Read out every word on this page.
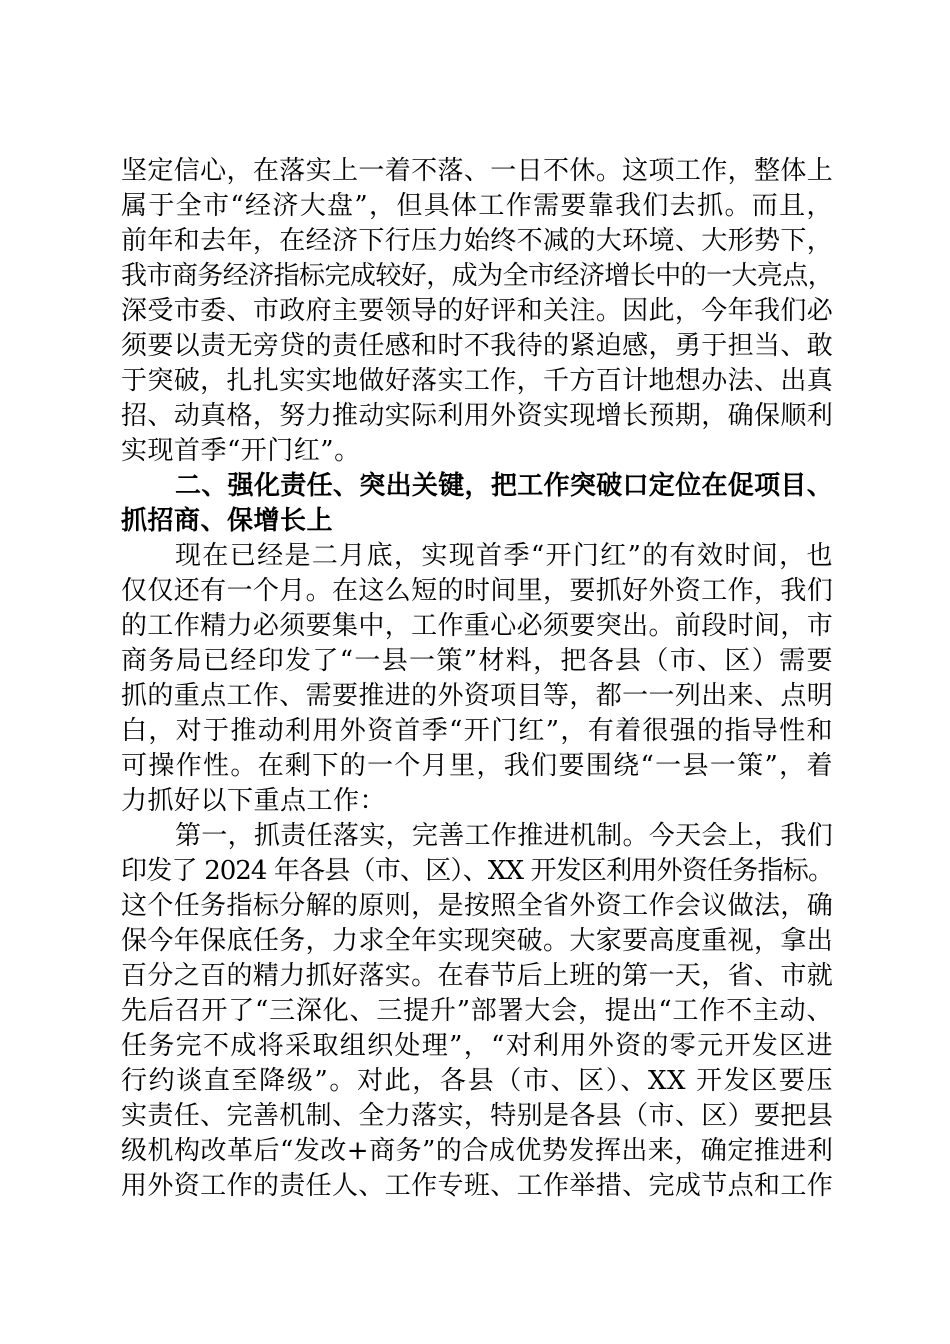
坚定信心，在落实上一着不落、一日不休。这项工作，整体上
属于全市“经济大盘”，但具体工作需要靠我们去抓。而且，
前年和去年，在经济下行压力始终不减的大环境、大形势下，
我市商务经济指标完成较好，成为全市经济增长中的一大亮点，
深受市委、市政府主要领导的好评和关注。因此，今年我们必
须要以责无旁贷的责任感和时不我待的紧迫感，勇于担当、敢
于突破，扎扎实实地做好落实工作，千方百计地想办法、出真
招、动真格，努力推动实际利用外资实现增长预期，确保顺利
实现首季“开门红”。
二、强化责任、突出关键，把工作突破口定位在促项目、
抓招商、保增长上
现在已经是二月底，实现首季“开门红”的有效时间，也
仅仅还有一个月。在这么短的时间里，要抓好外资工作，我们
的工作精力必须要集中，工作重心必须要突出。前段时间，市
商务局已经印发了“一县一策”材料，把各县（市、区）需要
抓的重点工作、需要推进的外资项目等，都一一列出来、点明
白，对于推动利用外资首季“开门红”，有着很强的指导性和
可操作性。在剩下的一个月里，我们要围绕“一县一策”，着
力抓好以下重点工作：
第一，抓责任落实，完善工作推进机制。今天会上，我们
印发了 2024 年各县（市、区）、XX 开发区利用外资任务指标。
这个任务指标分解的原则，是按照全省外资工作会议做法，确
保今年保底任务，力求全年实现突破。大家要高度重视，拿出
百分之百的精力抓好落实。在春节后上班的第一天，省、市就
先后召开了“三深化、三提升”部署大会，提出“工作不主动、
任务完不成将采取组织处理”，“对利用外资的零元开发区进
行约谈直至降级”。对此，各县（市、区）、XX 开发区要压
实责任、完善机制、全力落实，特别是各县（市、区）要把县
级机构改革后“发改+商务”的合成优势发挥出来，确定推进利
用外资工作的责任人、工作专班、工作举措、完成节点和工作
